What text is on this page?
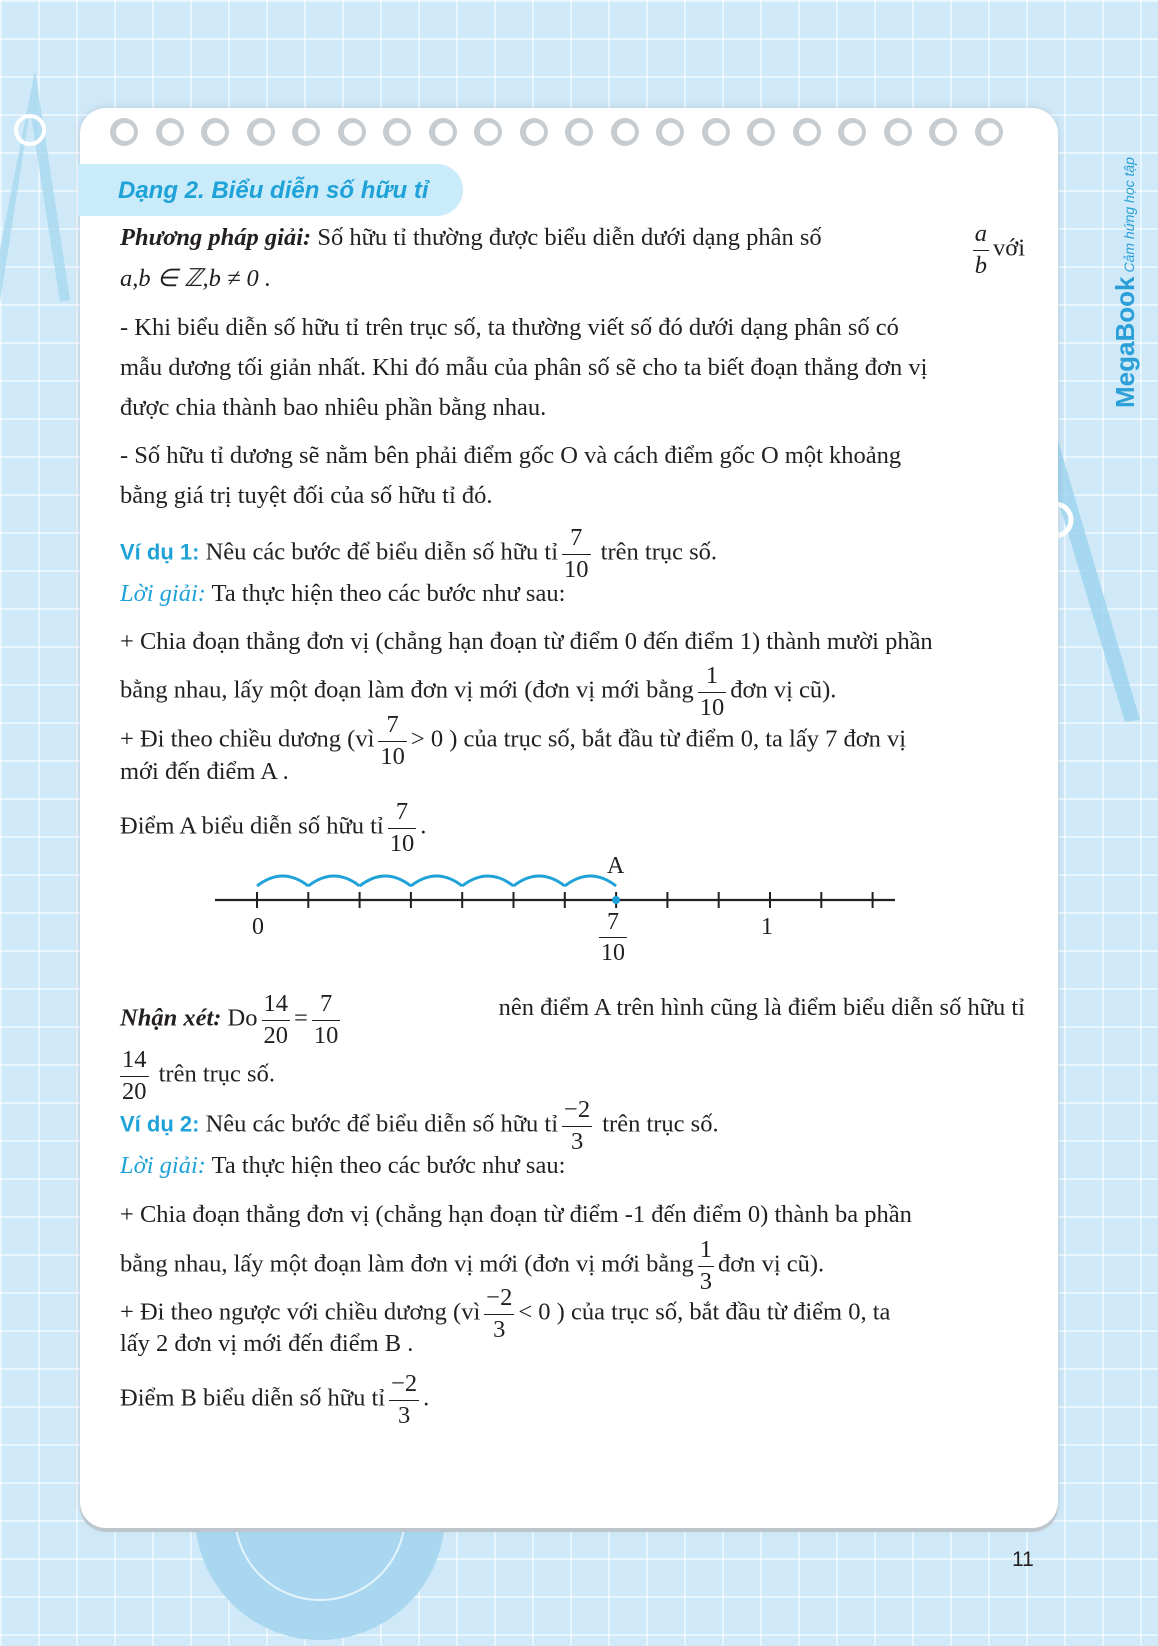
MegaBookCảm hứng học tập
Dạng 2. Biểu diễn số hữu tỉ
Phương pháp giải: Số hữu tỉ thường được biểu diễn dưới dạng phân số	$\frac{a}{b}$ với
a,b ∈ ℤ,b ≠ 0 .
- Khi biểu diễn số hữu tỉ trên trục số, ta thường viết số đó dưới dạng phân số có
mẫu dương tối giản nhất. Khi đó mẫu của phân số sẽ cho ta biết đoạn thẳng đơn vị
được chia thành bao nhiêu phần bằng nhau.
- Số hữu tỉ dương sẽ nằm bên phải điểm gốc O và cách điểm gốc O một khoảng
bằng giá trị tuyệt đối của số hữu tỉ đó.
Ví dụ 1: Nêu các bước để biểu diễn số hữu tỉ $\frac{7}{10}$ trên trục số.
Lời giải: Ta thực hiện theo các bước như sau:
+ Chia đoạn thẳng đơn vị (chẳng hạn đoạn từ điểm 0 đến điểm 1) thành mười phần
bằng nhau, lấy một đoạn làm đơn vị mới (đơn vị mới bằng $\frac{1}{10}$ đơn vị cũ).
+ Đi theo chiều dương (vì $\frac{7}{10} > 0$ ) của trục số, bắt đầu từ điểm 0, ta lấy 7 đơn vị
mới đến điểm A .
Điểm A biểu diễn số hữu tỉ $\frac{7}{10}$ .
0	1
A
$\frac{7}{10}$
Nhận xét: Do $\frac{14}{20} = \frac{7}{10}$	nên điểm A trên hình cũng là điểm biểu diễn số hữu tỉ
$\frac{14}{20}$ trên trục số.
Ví dụ 2: Nêu các bước để biểu diễn số hữu tỉ $\frac{-2}{3}$ trên trục số.
Lời giải: Ta thực hiện theo các bước như sau:
+ Chia đoạn thẳng đơn vị (chẳng hạn đoạn từ điểm -1 đến điểm 0) thành ba phần
bằng nhau, lấy một đoạn làm đơn vị mới (đơn vị mới bằng $\frac{1}{3}$ đơn vị cũ).
+ Đi theo ngược với chiều dương (vì $\frac{-2}{3} < 0$ ) của trục số, bắt đầu từ điểm 0, ta
lấy 2 đơn vị mới đến điểm B .
Điểm B biểu diễn số hữu tỉ $\frac{-2}{3}$ .
11
